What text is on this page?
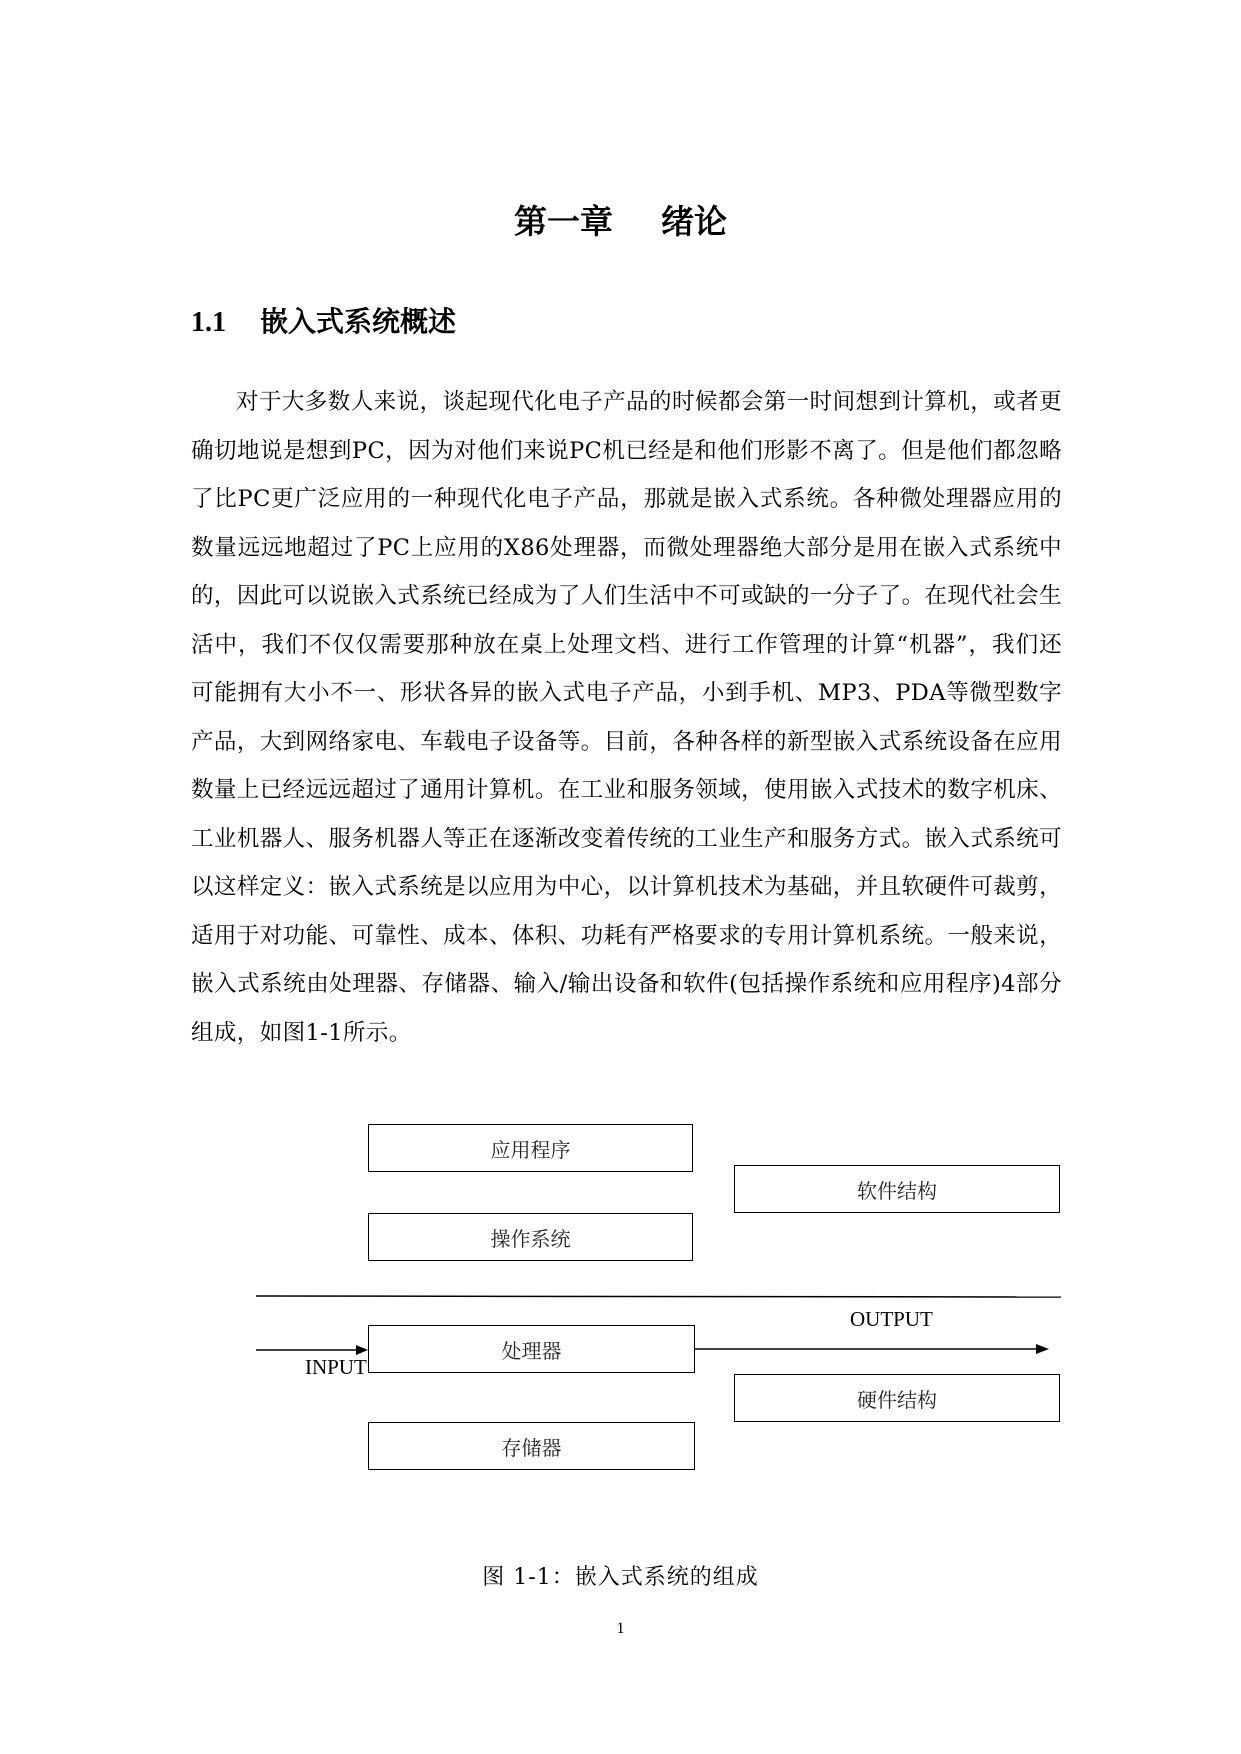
第一章 绪论
1.1 嵌入式系统概述

对于大多数人来说，谈起现代化电子产品的时候都会第一时间想到计算机，或者更确切地说是想到PC，因为对他们来说PC机已经是和他们形影不离了。但是他们都忽略了比PC更广泛应用的一种现代化电子产品，那就是嵌入式系统。各种微处理器应用的数量远远地超过了PC上应用的X86处理器，而微处理器绝大部分是用在嵌入式系统中的，因此可以说嵌入式系统已经成为了人们生活中不可或缺的一分子了。在现代社会生活中，我们不仅仅需要那种放在桌上处理文档、进行工作管理的计算“机器”，我们还可能拥有大小不一、形状各异的嵌入式电子产品，小到手机、MP3、PDA等微型数字产品，大到网络家电、车载电子设备等。目前，各种各样的新型嵌入式系统设备在应用数量上已经远远超过了通用计算机。在工业和服务领域，使用嵌入式技术的数字机床、工业机器人、服务机器人等正在逐渐改变着传统的工业生产和服务方式。嵌入式系统可以这样定义：嵌入式系统是以应用为中心，以计算机技术为基础，并且软硬件可裁剪，适用于对功能、可靠性、成本、体积、功耗有严格要求的专用计算机系统。一般来说，嵌入式系统由处理器、存储器、输入/输出设备和软件(包括操作系统和应用程序)4部分组成，如图1-1所示。

应用程序
软件结构
操作系统
处理器
硬件结构
存储器
OUTPUT
INPUT

图 1-1：嵌入式系统的组成

1
